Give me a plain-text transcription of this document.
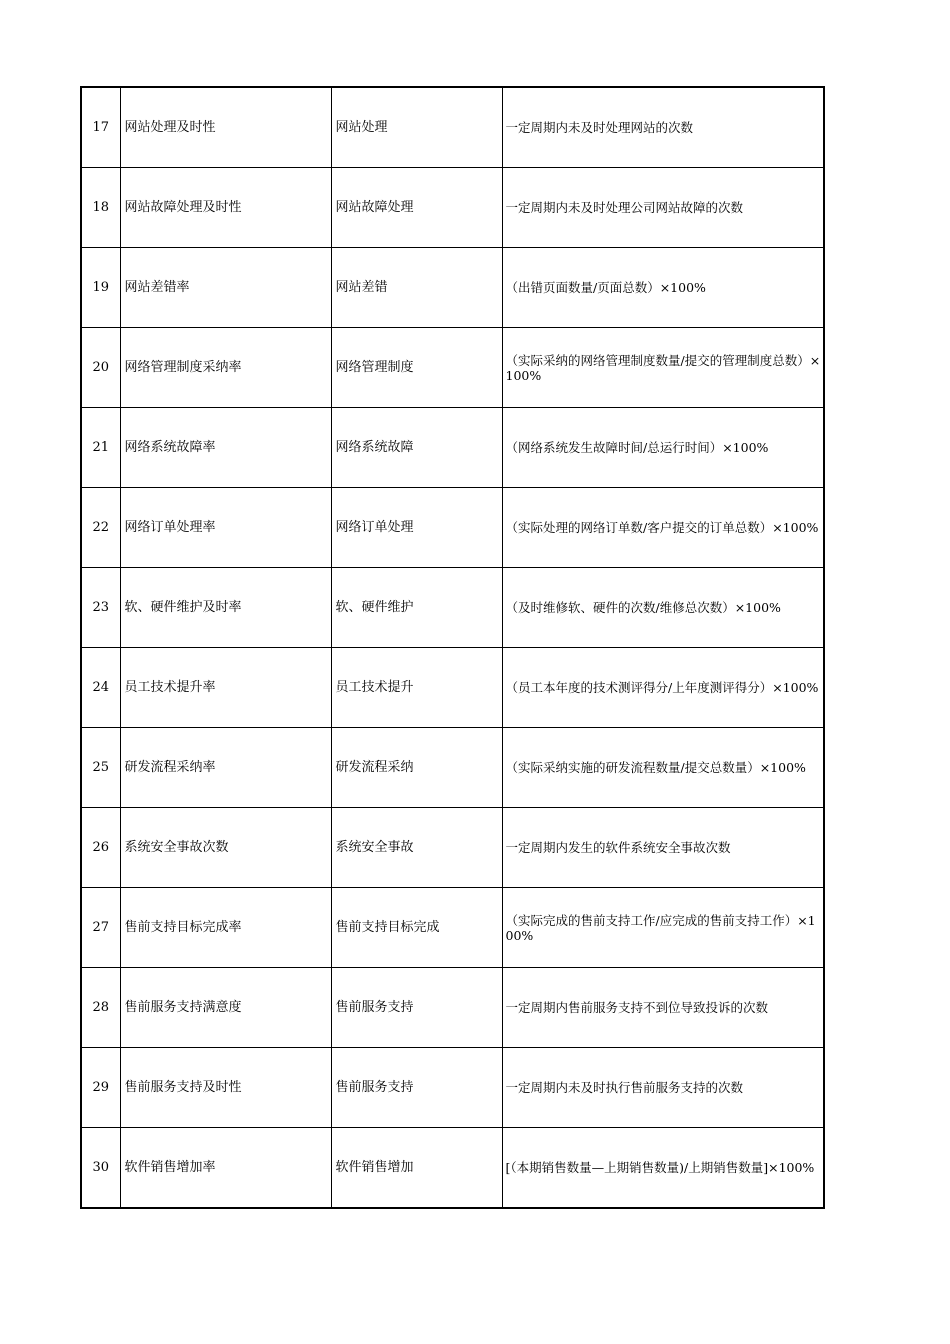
17	网站处理及时性	网站处理	一定周期内未及时处理网站的次数
18	网站故障处理及时性	网站故障处理	一定周期内未及时处理公司网站故障的次数
19	网站差错率	网站差错	（出错页面数量/页面总数）×100%
20	网络管理制度采纳率	网络管理制度	（实际采纳的网络管理制度数量/提交的管理制度总数）×100%
21	网络系统故障率	网络系统故障	（网络系统发生故障时间/总运行时间）×100%
22	网络订单处理率	网络订单处理	（实际处理的网络订单数/客户提交的订单总数）×100%
23	软、硬件维护及时率	软、硬件维护	（及时维修软、硬件的次数/维修总次数）×100%
24	员工技术提升率	员工技术提升	（员工本年度的技术测评得分/上年度测评得分）×100%
25	研发流程采纳率	研发流程采纳	（实际采纳实施的研发流程数量/提交总数量）×100%
26	系统安全事故次数	系统安全事故	一定周期内发生的软件系统安全事故次数
27	售前支持目标完成率	售前支持目标完成	（实际完成的售前支持工作/应完成的售前支持工作）×100%
28	售前服务支持满意度	售前服务支持	一定周期内售前服务支持不到位导致投诉的次数
29	售前服务支持及时性	售前服务支持	一定周期内未及时执行售前服务支持的次数
30	软件销售增加率	软件销售增加	[（本期销售数量—上期销售数量)/上期销售数量]×100%
